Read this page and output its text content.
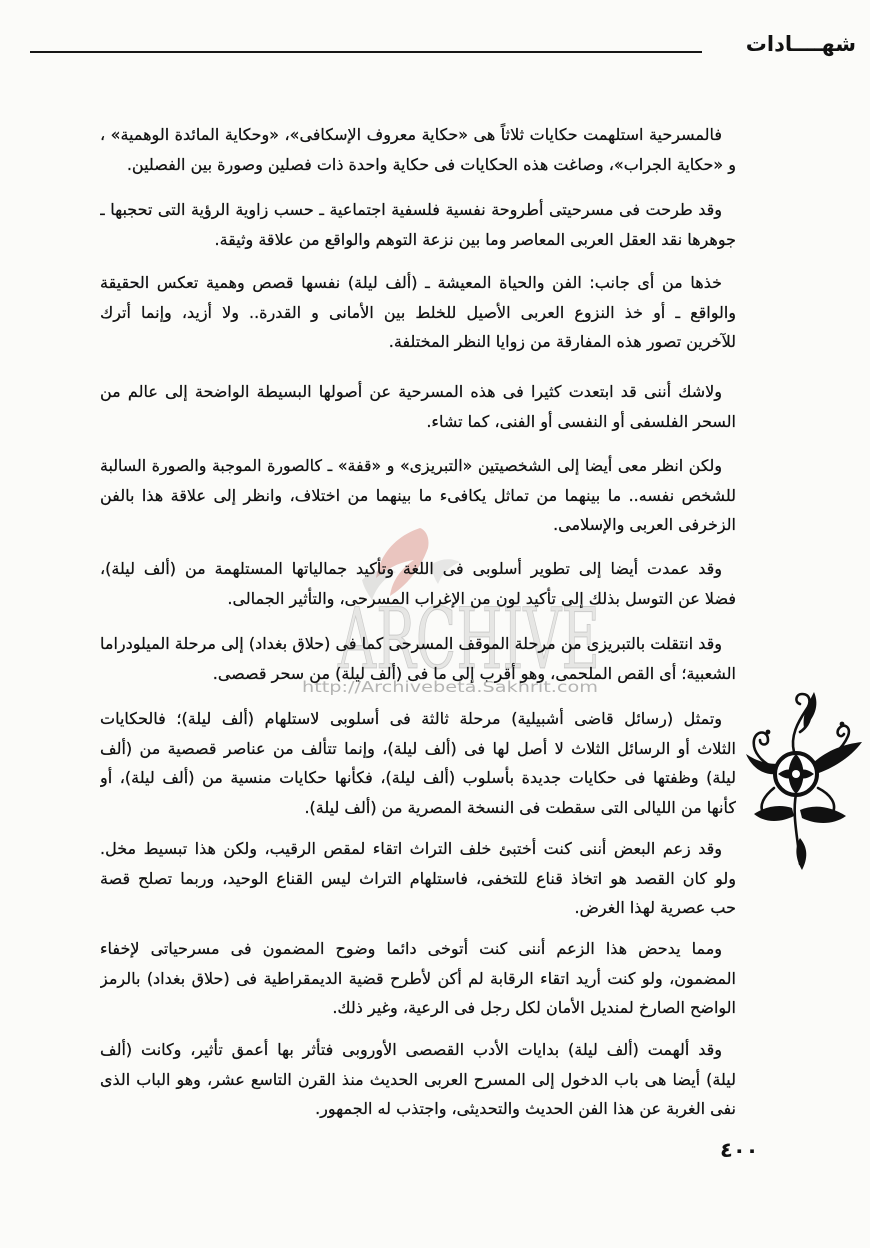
شهــــادات
ARCHIVE
http://Archivebeta.Sakhrit.com
فالمسرحية استلهمت حكايات ثلاثاً هى «حكاية معروف الإسكافى»، «وحكاية المائدة الوهمية» ،
و «حكاية الجراب»، وصاغت هذه الحكايات فى حكاية واحدة ذات فصلين وصورة بين الفصلين.
وقد طرحت فى مسرحيتى أطروحة نفسية فلسفية اجتماعية ـ حسب زاوية الرؤية التى تحجبها ـ
جوهرها نقد العقل العربى المعاصر وما بين نزعة التوهم والواقع من علاقة وثيقة.
خذها من أى جانب: الفن والحياة المعيشة ـ (ألف ليلة) نفسها قصص وهمية تعكس الحقيقة
والواقع ـ أو خذ النزوع العربى الأصيل للخلط بين الأمانى و القدرة.. ولا أزيد، وإنما أترك
للآخرين تصور هذه المفارقة من زوايا النظر المختلفة.
ولاشك أننى قد ابتعدت كثيرا فى هذه المسرحية عن أصولها البسيطة الواضحة إلى عالم من
السحر الفلسفى أو النفسى أو الفنى، كما تشاء.
ولكن انظر معى أيضا إلى الشخصيتين «التبريزى» و «قفة» ـ كالصورة الموجبة والصورة السالبة
للشخص نفسه.. ما بينهما من تماثل يكافىء ما بينهما من اختلاف، وانظر إلى علاقة هذا بالفن
الزخرفى العربى والإسلامى.
وقد عمدت أيضا إلى تطوير أسلوبى فى اللغة وتأكيد جمالياتها المستلهمة من (ألف ليلة)،
فضلا عن التوسل بذلك إلى تأكيد لون من الإغراب المسرحى، والتأثير الجمالى.
وقد انتقلت بالتبريزى من مرحلة الموقف المسرحى كما فى (حلاق بغداد) إلى مرحلة الميلودراما
الشعبية؛ أى القص الملحمى، وهو أقرب إلى ما فى (ألف ليلة) من سحر قصصى.
وتمثل (رسائل قاضى أشبيلية) مرحلة ثالثة فى أسلوبى لاستلهام (ألف ليلة)؛ فالحكايات
الثلاث أو الرسائل الثلاث لا أصل لها فى (ألف ليلة)، وإنما تتألف من عناصر قصصية من (ألف
ليلة) وظفتها فى حكايات جديدة بأسلوب (ألف ليلة)، فكأنها حكايات منسية من (ألف ليلة)، أو
كأنها من الليالى التى سقطت فى النسخة المصرية من (ألف ليلة).
وقد زعم البعض أننى كنت أختبئ خلف التراث اتقاء لمقص الرقيب، ولكن هذا تبسيط مخل.
ولو كان القصد هو اتخاذ قناع للتخفى، فاستلهام التراث ليس القناع الوحيد، وربما تصلح قصة
حب عصرية لهذا الغرض.
ومما يدحض هذا الزعم أننى كنت أتوخى دائما وضوح المضمون فى مسرحياتى لإخفاء
المضمون، ولو كنت أريد اتقاء الرقابة لم أكن لأطرح قضية الديمقراطية فى (حلاق بغداد) بالرمز
الواضح الصارخ لمنديل الأمان لكل رجل فى الرعية، وغير ذلك.
وقد ألهمت (ألف ليلة) بدايات الأدب القصصى الأوروبى فتأثر بها أعمق تأثير، وكانت (ألف
ليلة) أيضا هى باب الدخول إلى المسرح العربى الحديث منذ القرن التاسع عشر، وهو الباب الذى
نفى الغربة عن هذا الفن الحديث والتحديثى، واجتذب له الجمهور.
٤٠٠
